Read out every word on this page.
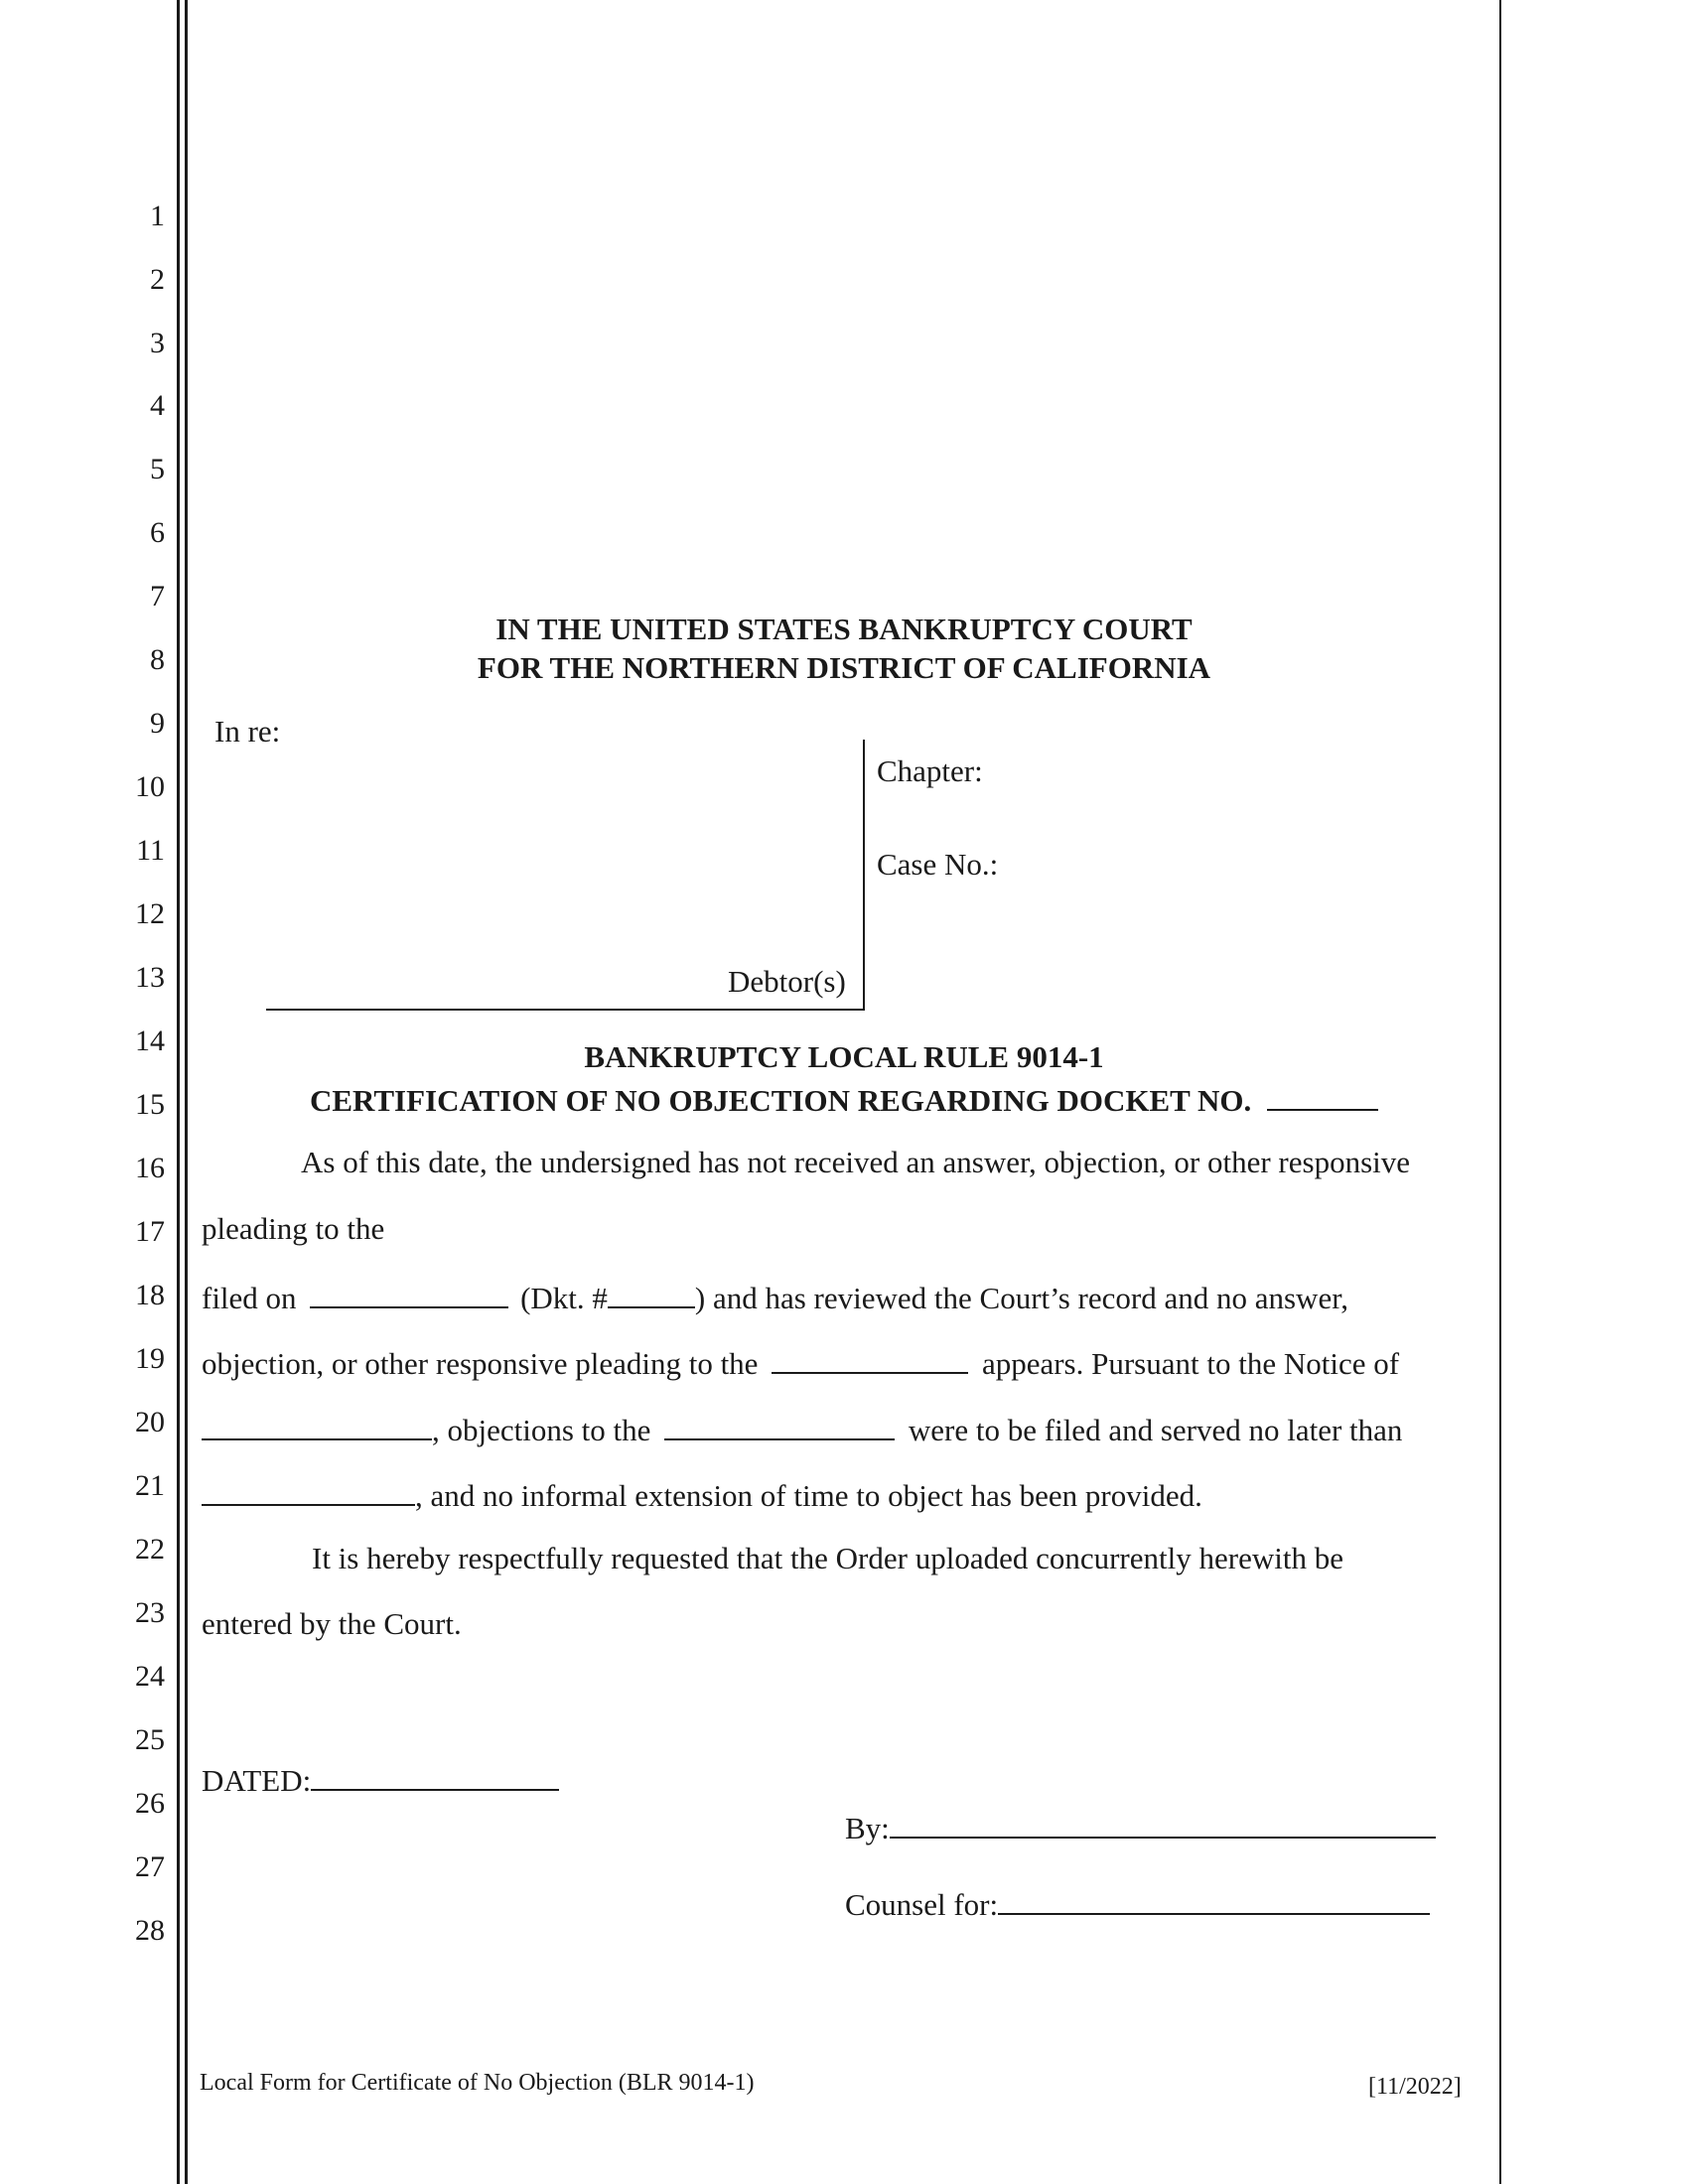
1
2
3
4
5
6
7
8
9
10
11
12
13
14
15
16
17
18
19
20
21
22
23
24
25
26
27
28
IN THE UNITED STATES BANKRUPTCY COURT
FOR THE NORTHERN DISTRICT OF CALIFORNIA
In re:
Chapter:
Case No.:
Debtor(s)
BANKRUPTCY LOCAL RULE 9014-1
CERTIFICATION OF NO OBJECTION REGARDING DOCKET NO.
As of this date, the undersigned has not received an answer, objection, or other responsive
pleading to the
filed on	(Dkt. #	) and has reviewed the Court’s record and no answer,
objection, or other responsive pleading to the	appears. Pursuant to the Notice of
, objections to the	were to be filed and served no later than
, and no informal extension of time to object has been provided.
It is hereby respectfully requested that the Order uploaded concurrently herewith be
entered by the Court.
DATED:
By:
Counsel for:
Local Form for Certificate of No Objection (BLR 9014-1)	[11/2022]
